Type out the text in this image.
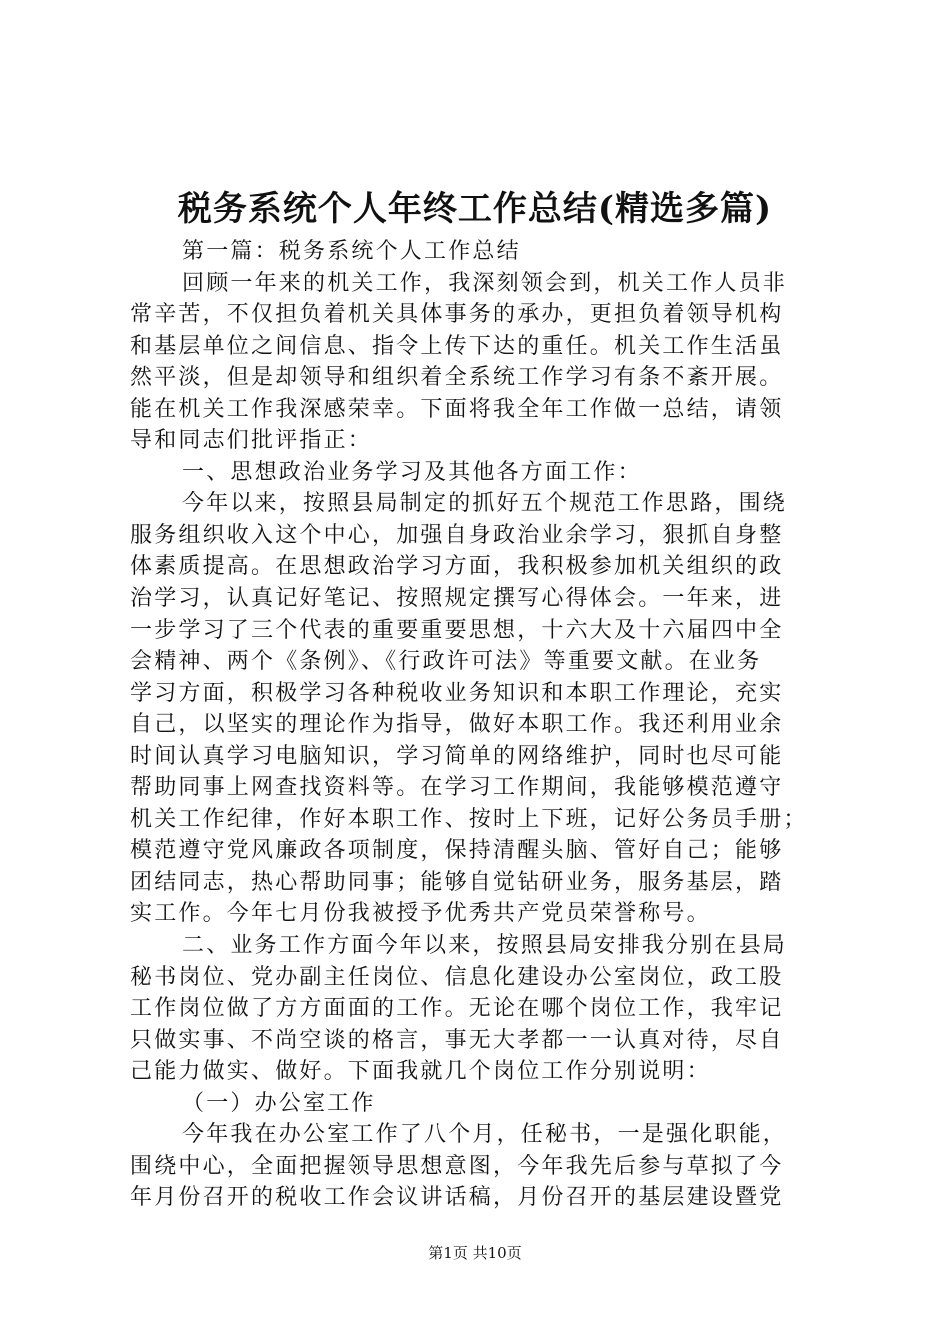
税务系统个人年终工作总结(精选多篇)
第一篇：税务系统个人工作总结
回顾一年来的机关工作，我深刻领会到，机关工作人员非
常辛苦，不仅担负着机关具体事务的承办，更担负着领导机构
和基层单位之间信息、指令上传下达的重任。机关工作生活虽
然平淡，但是却领导和组织着全系统工作学习有条不紊开展。
能在机关工作我深感荣幸。下面将我全年工作做一总结，请领
导和同志们批评指正：
一、思想政治业务学习及其他各方面工作：
今年以来，按照县局制定的抓好五个规范工作思路，围绕
服务组织收入这个中心，加强自身政治业余学习，狠抓自身整
体素质提高。在思想政治学习方面，我积极参加机关组织的政
治学习，认真记好笔记、按照规定撰写心得体会。一年来，进
一步学习了三个代表的重要重要思想，十六大及十六届四中全
会精神、两个《条例》、《行政许可法》等重要文献。在业务
学习方面，积极学习各种税收业务知识和本职工作理论，充实
自己，以坚实的理论作为指导，做好本职工作。我还利用业余
时间认真学习电脑知识，学习简单的网络维护，同时也尽可能
帮助同事上网查找资料等。在学习工作期间，我能够模范遵守
机关工作纪律，作好本职工作、按时上下班，记好公务员手册；
模范遵守党风廉政各项制度，保持清醒头脑、管好自己；能够
团结同志，热心帮助同事；能够自觉钻研业务，服务基层，踏
实工作。今年七月份我被授予优秀共产党员荣誉称号。
二、业务工作方面今年以来，按照县局安排我分别在县局
秘书岗位、党办副主任岗位、信息化建设办公室岗位，政工股
工作岗位做了方方面面的工作。无论在哪个岗位工作，我牢记
只做实事、不尚空谈的格言，事无大孝都一一认真对待，尽自
己能力做实、做好。下面我就几个岗位工作分别说明：
（一）办公室工作
今年我在办公室工作了八个月，任秘书，一是强化职能，
围绕中心，全面把握领导思想意图，今年我先后参与草拟了今
年月份召开的税收工作会议讲话稿，月份召开的基层建设暨党
第1页 共10页
